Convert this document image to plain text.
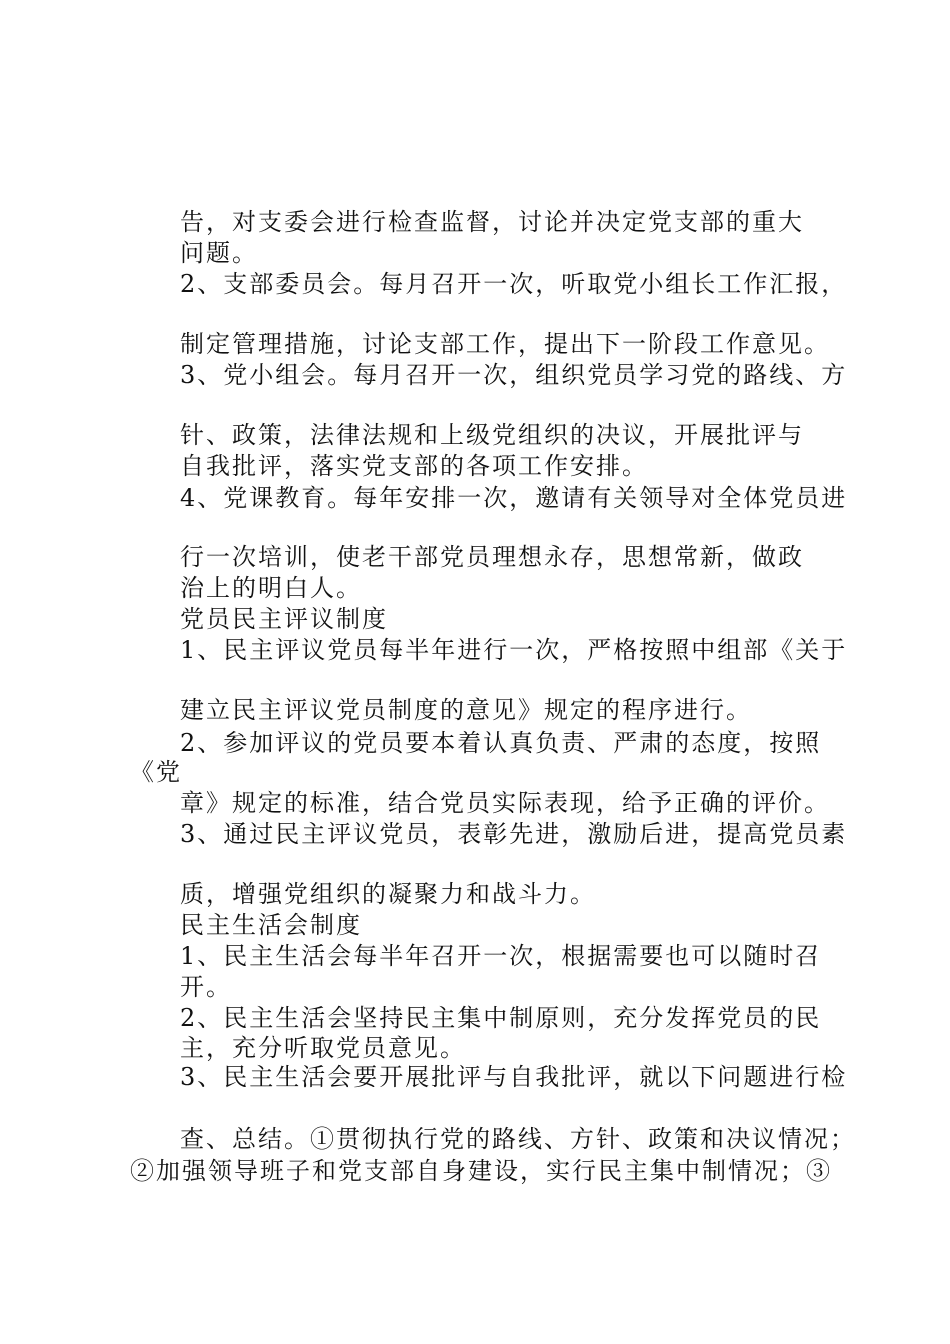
告，对支委会进行检查监督，讨论并决定党支部的重大
问题。
2、支部委员会。每月召开一次，听取党小组长工作汇报，
制定管理措施，讨论支部工作，提出下一阶段工作意见。
3、党小组会。每月召开一次，组织党员学习党的路线、方
针、政策，法律法规和上级党组织的决议，开展批评与
自我批评，落实党支部的各项工作安排。
4、党课教育。每年安排一次，邀请有关领导对全体党员进
行一次培训，使老干部党员理想永存，思想常新，做政
治上的明白人。
党员民主评议制度
1、民主评议党员每半年进行一次，严格按照中组部《关于
建立民主评议党员制度的意见》规定的程序进行。
2、参加评议的党员要本着认真负责、严肃的态度，按照
《党
章》规定的标准，结合党员实际表现，给予正确的评价。
3、通过民主评议党员，表彰先进，激励后进，提高党员素
质，增强党组织的凝聚力和战斗力。
民主生活会制度
1、民主生活会每半年召开一次，根据需要也可以随时召
开。
2、民主生活会坚持民主集中制原则，充分发挥党员的民
主，充分听取党员意见。
3、民主生活会要开展批评与自我批评，就以下问题进行检
查、总结。①贯彻执行党的路线、方针、政策和决议情况；
②加强领导班子和党支部自身建设，实行民主集中制情况；③
